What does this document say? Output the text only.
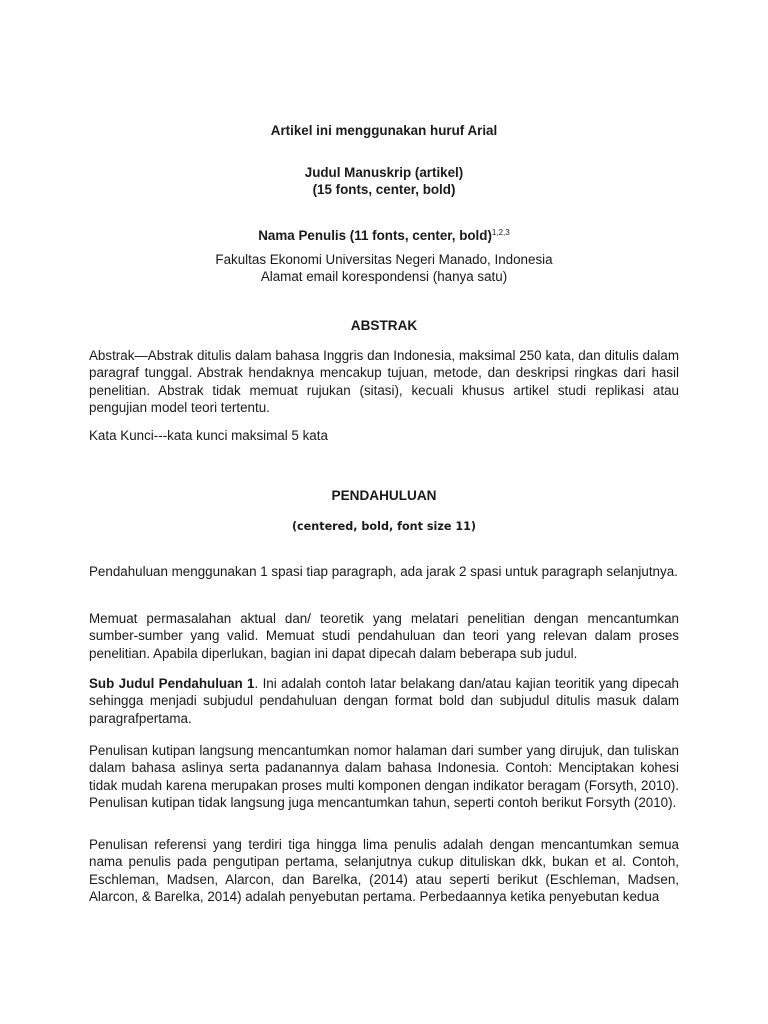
Artikel ini menggunakan huruf Arial
Judul Manuskrip (artikel)
(15 fonts, center, bold)
Nama Penulis (11 fonts, center, bold)$^{1,2,3}$
Fakultas Ekonomi Universitas Negeri Manado, Indonesia
Alamat email korespondensi (hanya satu)
ABSTRAK
Abstrak—Abstrak ditulis dalam bahasa Inggris dan Indonesia, maksimal 250 kata, dan ditulis dalam paragraf tunggal. Abstrak hendaknya mencakup tujuan, metode, dan deskripsi ringkas dari hasil penelitian. Abstrak tidak memuat rujukan (sitasi), kecuali khusus artikel studi replikasi atau pengujian model teori tertentu.
Kata Kunci---kata kunci maksimal 5 kata
PENDAHULUAN
(centered, bold, font size 11)
Pendahuluan menggunakan 1 spasi tiap paragraph, ada jarak 2 spasi untuk paragraph selanjutnya.
Memuat permasalahan aktual dan/ teoretik yang melatari penelitian dengan mencantumkan sumber-sumber yang valid. Memuat studi pendahuluan dan teori yang relevan dalam proses penelitian. Apabila diperlukan, bagian ini dapat dipecah dalam beberapa sub judul.
Sub Judul Pendahuluan 1. Ini adalah contoh latar belakang dan/atau kajian teoritik yang dipecah sehingga menjadi subjudul pendahuluan dengan format bold dan subjudul ditulis masuk dalam paragrafpertama.
Penulisan kutipan langsung mencantumkan nomor halaman dari sumber yang dirujuk, dan tuliskan dalam bahasa aslinya serta padanannya dalam bahasa Indonesia. Contoh: Menciptakan kohesi tidak mudah karena merupakan proses multi komponen dengan indikator beragam (Forsyth, 2010). Penulisan kutipan tidak langsung juga mencantumkan tahun, seperti contoh berikut Forsyth (2010).
Penulisan referensi yang terdiri tiga hingga lima penulis adalah dengan mencantumkan semua nama penulis pada pengutipan pertama, selanjutnya cukup dituliskan dkk, bukan et al. Contoh, Eschleman, Madsen, Alarcon, dan Barelka, (2014) atau seperti berikut (Eschleman, Madsen, Alarcon, & Barelka, 2014) adalah penyebutan pertama. Perbedaannya ketika penyebutan kedua
